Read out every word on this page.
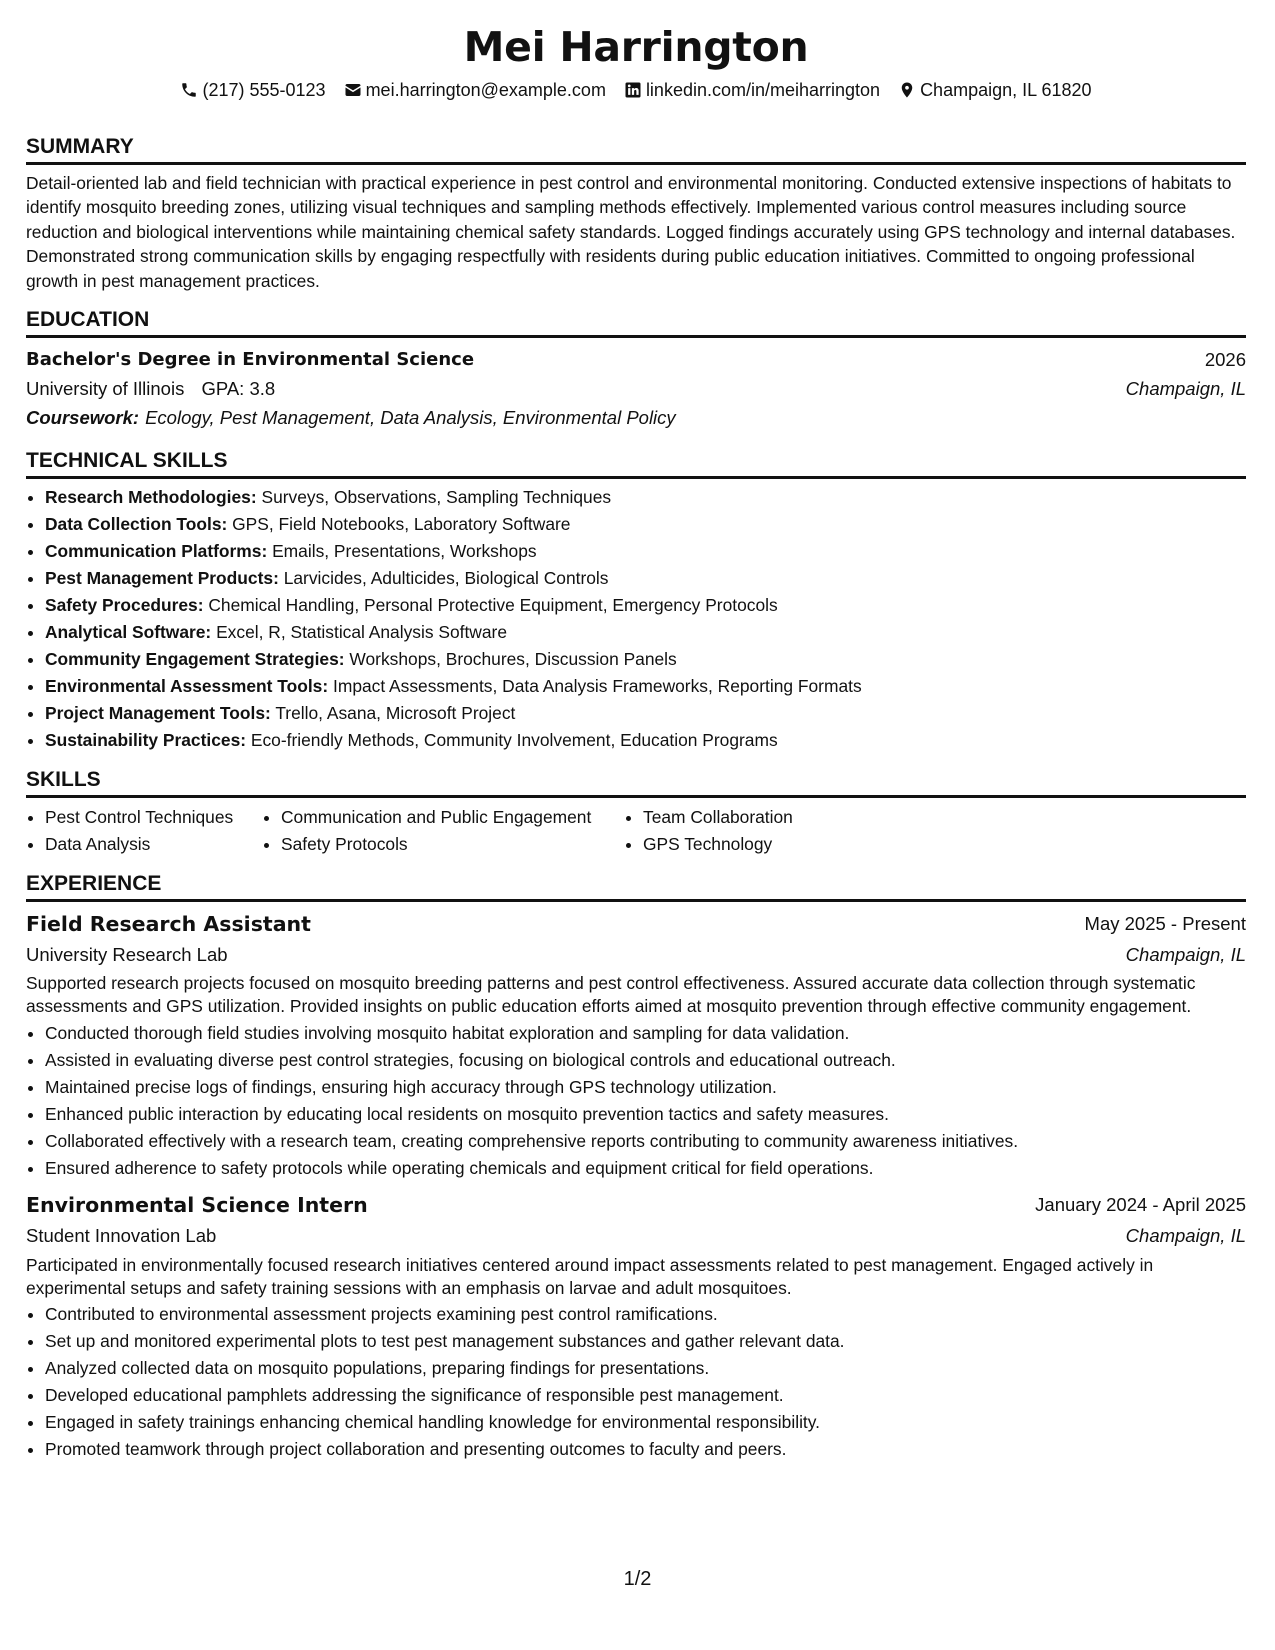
Mei Harrington
(217) 555-0123 mei.harrington@example.com linkedin.com/in/meiharrington Champaign, IL 61820
SUMMARY
Detail-oriented lab and field technician with practical experience in pest control and environmental monitoring. Conducted extensive inspections of habitats to identify mosquito breeding zones, utilizing visual techniques and sampling methods effectively. Implemented various control measures including source reduction and biological interventions while maintaining chemical safety standards. Logged findings accurately using GPS technology and internal databases. Demonstrated strong communication skills by engaging respectfully with residents during public education initiatives. Committed to ongoing professional growth in pest management practices.
EDUCATION
Bachelor's Degree in Environmental Science	2026
University of Illinois GPA: 3.8	Champaign, IL
Coursework: Ecology, Pest Management, Data Analysis, Environmental Policy
TECHNICAL SKILLS
• Research Methodologies: Surveys, Observations, Sampling Techniques
• Data Collection Tools: GPS, Field Notebooks, Laboratory Software
• Communication Platforms: Emails, Presentations, Workshops
• Pest Management Products: Larvicides, Adulticides, Biological Controls
• Safety Procedures: Chemical Handling, Personal Protective Equipment, Emergency Protocols
• Analytical Software: Excel, R, Statistical Analysis Software
• Community Engagement Strategies: Workshops, Brochures, Discussion Panels
• Environmental Assessment Tools: Impact Assessments, Data Analysis Frameworks, Reporting Formats
• Project Management Tools: Trello, Asana, Microsoft Project
• Sustainability Practices: Eco-friendly Methods, Community Involvement, Education Programs
SKILLS
• Pest Control Techniques
• Data Analysis
• Communication and Public Engagement
• Safety Protocols
• Team Collaboration
• GPS Technology
EXPERIENCE
Field Research Assistant	May 2025 - Present
University Research Lab	Champaign, IL
Supported research projects focused on mosquito breeding patterns and pest control effectiveness. Assured accurate data collection through systematic assessments and GPS utilization. Provided insights on public education efforts aimed at mosquito prevention through effective community engagement.
• Conducted thorough field studies involving mosquito habitat exploration and sampling for data validation.
• Assisted in evaluating diverse pest control strategies, focusing on biological controls and educational outreach.
• Maintained precise logs of findings, ensuring high accuracy through GPS technology utilization.
• Enhanced public interaction by educating local residents on mosquito prevention tactics and safety measures.
• Collaborated effectively with a research team, creating comprehensive reports contributing to community awareness initiatives.
• Ensured adherence to safety protocols while operating chemicals and equipment critical for field operations.
Environmental Science Intern	January 2024 - April 2025
Student Innovation Lab	Champaign, IL
Participated in environmentally focused research initiatives centered around impact assessments related to pest management. Engaged actively in experimental setups and safety training sessions with an emphasis on larvae and adult mosquitoes.
• Contributed to environmental assessment projects examining pest control ramifications.
• Set up and monitored experimental plots to test pest management substances and gather relevant data.
• Analyzed collected data on mosquito populations, preparing findings for presentations.
• Developed educational pamphlets addressing the significance of responsible pest management.
• Engaged in safety trainings enhancing chemical handling knowledge for environmental responsibility.
• Promoted teamwork through project collaboration and presenting outcomes to faculty and peers.
1/2
